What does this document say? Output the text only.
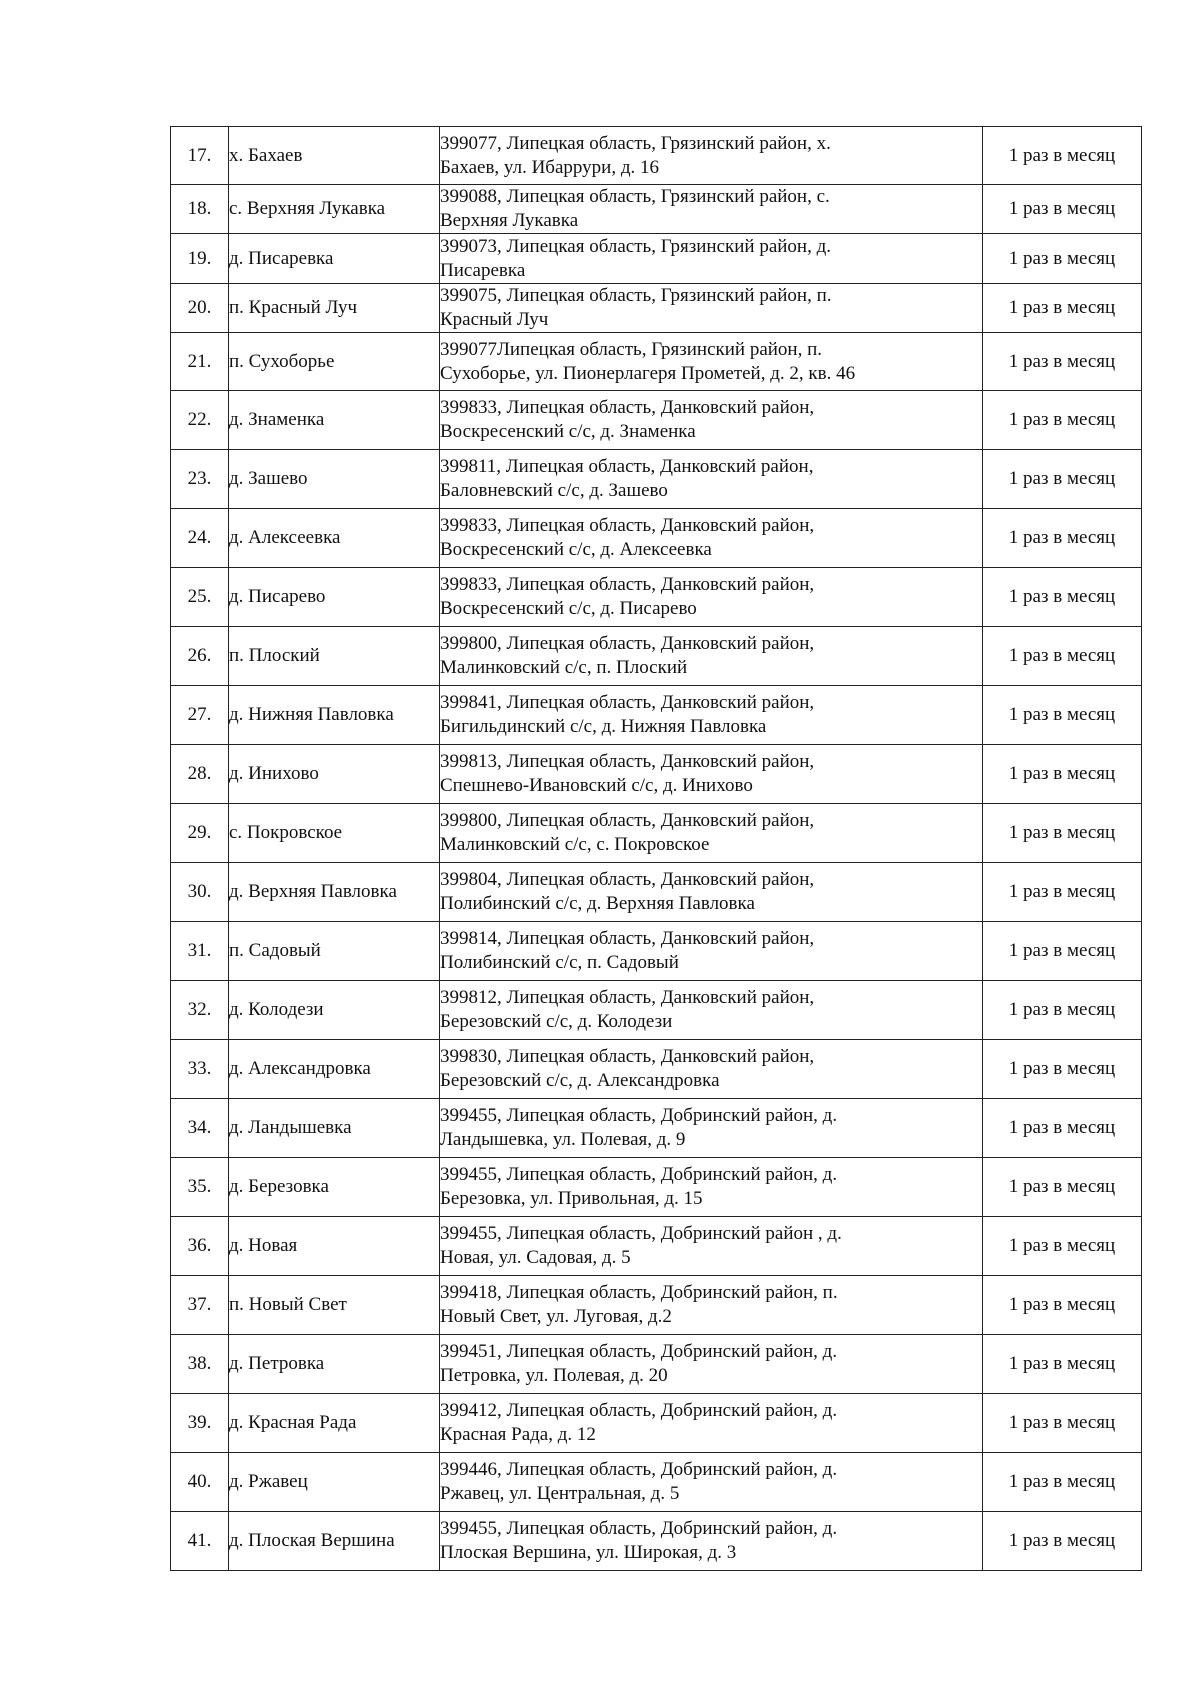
17.	х. Бахаев	399077, Липецкая область, Грязинский район, х.
Бахаев, ул. Ибаррури, д. 16	1 раз в месяц
18.	с. Верхняя Лукавка	399088, Липецкая область, Грязинский район, с.
Верхняя Лукавка	1 раз в месяц
19.	д. Писаревка	399073, Липецкая область, Грязинский район, д.
Писаревка	1 раз в месяц
20.	п. Красный Луч	399075, Липецкая область, Грязинский район, п.
Красный Луч	1 раз в месяц
21.	п. Сухоборье	399077Липецкая область, Грязинский район, п.
Сухоборье, ул. Пионерлагеря Прометей, д. 2, кв. 46	1 раз в месяц
22.	д. Знаменка	399833, Липецкая область, Данковский район,
Воскресенский с/с, д. Знаменка	1 раз в месяц
23.	д. Зашево	399811, Липецкая область, Данковский район,
Баловневский с/с, д. Зашево	1 раз в месяц
24.	д. Алексеевка	399833, Липецкая область, Данковский район,
Воскресенский с/с, д. Алексеевка	1 раз в месяц
25.	д. Писарево	399833, Липецкая область, Данковский район,
Воскресенский с/с, д. Писарево	1 раз в месяц
26.	п. Плоский	399800, Липецкая область, Данковский район,
Малинковский с/с, п. Плоский	1 раз в месяц
27.	д. Нижняя Павловка	399841, Липецкая область, Данковский район,
Бигильдинский с/с, д. Нижняя Павловка	1 раз в месяц
28.	д. Инихово	399813, Липецкая область, Данковский район,
Спешнево-Ивановский с/с, д. Инихово	1 раз в месяц
29.	с. Покровское	399800, Липецкая область, Данковский район,
Малинковский с/с, с. Покровское	1 раз в месяц
30.	д. Верхняя Павловка	399804, Липецкая область, Данковский район,
Полибинский с/с, д. Верхняя Павловка	1 раз в месяц
31.	п. Садовый	399814, Липецкая область, Данковский район,
Полибинский с/с, п. Садовый	1 раз в месяц
32.	д. Колодези	399812, Липецкая область, Данковский район,
Березовский с/с, д. Колодези	1 раз в месяц
33.	д. Александровка	399830, Липецкая область, Данковский район,
Березовский с/с, д. Александровка	1 раз в месяц
34.	д. Ландышевка	399455, Липецкая область, Добринский район, д.
Ландышевка, ул. Полевая, д. 9	1 раз в месяц
35.	д. Березовка	399455, Липецкая область, Добринский район, д.
Березовка, ул. Привольная, д. 15	1 раз в месяц
36.	д. Новая	399455, Липецкая область, Добринский район , д.
Новая, ул. Садовая, д. 5	1 раз в месяц
37.	п. Новый Свет	399418, Липецкая область, Добринский район, п.
Новый Свет, ул. Луговая, д.2	1 раз в месяц
38.	д. Петровка	399451, Липецкая область, Добринский район, д.
Петровка, ул. Полевая, д. 20	1 раз в месяц
39.	д. Красная Рада	399412, Липецкая область, Добринский район, д.
Красная Рада, д. 12	1 раз в месяц
40.	д. Ржавец	399446, Липецкая область, Добринский район, д.
Ржавец, ул. Центральная, д. 5	1 раз в месяц
41.	д. Плоская Вершина	399455, Липецкая область, Добринский район, д.
Плоская Вершина, ул. Широкая, д. 3	1 раз в месяц
